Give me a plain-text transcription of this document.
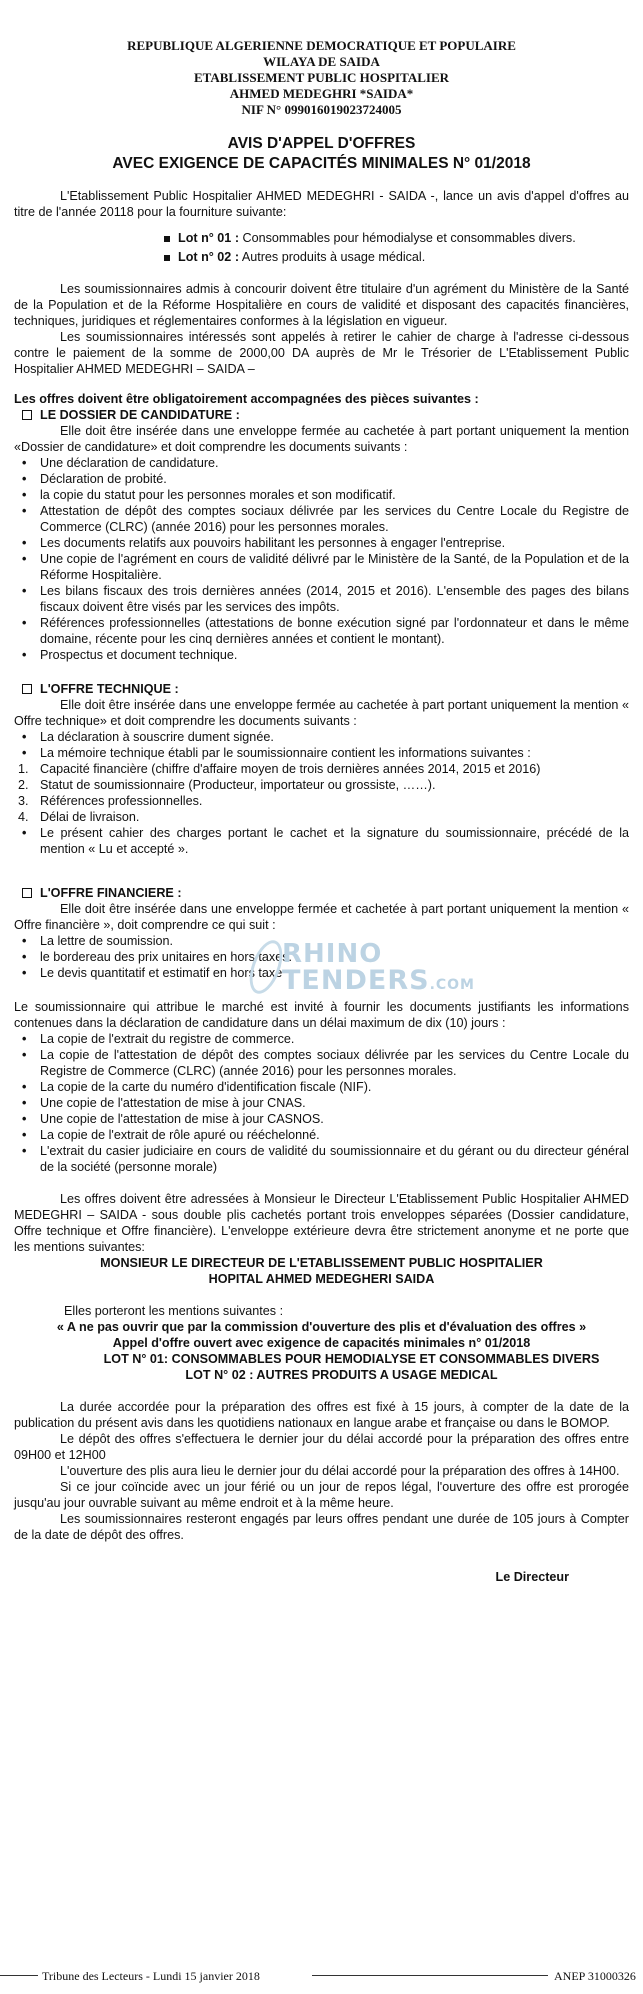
REPUBLIQUE ALGERIENNE DEMOCRATIQUE ET POPULAIRE
WILAYA DE SAIDA
ETABLISSEMENT PUBLIC HOSPITALIER
AHMED MEDEGHRI *SAIDA*
NIF N° 099016019023724005
AVIS D'APPEL D'OFFRES
AVEC EXIGENCE DE CAPACITÉS MINIMALES N° 01/2018

L'Etablissement Public Hospitalier AHMED MEDEGHRI - SAIDA -, lance un avis d'appel d'offres au titre de l'année 20118 pour la fourniture suivante:

Lot n° 01 : Consommables pour hémodialyse et consommables divers.
Lot n° 02 : Autres produits à usage médical.

Les soumissionnaires admis à concourir doivent être titulaire d'un agrément du Ministère de la Santé de la Population et de la Réforme Hospitalière en cours de validité et disposant des capacités financières, techniques, juridiques et réglementaires conformes à la législation en vigueur.

Les soumissionnaires intéressés sont appelés à retirer le cahier de charge à l'adresse ci-dessous contre le paiement de la somme de 2000,00 DA auprès de Mr le Trésorier de L'Etablissement Public Hospitalier AHMED MEDEGHRI – SAIDA –

Les offres doivent être obligatoirement accompagnées des pièces suivantes :

LE DOSSIER DE CANDIDATURE :

Elle doit être insérée dans une enveloppe fermée au cachetée à part portant uniquement la mention «Dossier de candidature» et doit comprendre les documents suivants :

• Une déclaration de candidature.
• Déclaration de probité.
• la copie du statut pour les personnes morales et son modificatif.
• Attestation de dépôt des comptes sociaux délivrée par les services du Centre Locale du Registre de Commerce (CLRC) (année 2016) pour les personnes morales.
• Les documents relatifs aux pouvoirs habilitant les personnes à engager l'entreprise.
• Une copie de l'agrément en cours de validité délivré par le Ministère de la Santé, de la Population et de la Réforme Hospitalière.
• Les bilans fiscaux des trois dernières années (2014, 2015 et 2016). L'ensemble des pages des bilans fiscaux doivent être visés par les services des impôts.
• Références professionnelles (attestations de bonne exécution signé par l'ordonnateur et dans le même domaine, récente pour les cinq dernières années et contient le montant).
• Prospectus et document technique.
L'OFFRE TECHNIQUE :

Elle doit être insérée dans une enveloppe fermée au cachetée à part portant uniquement la mention « Offre technique» et doit comprendre les documents suivants :

• La déclaration à souscrire dument signée.
• La mémoire technique établi par le soumissionnaire contient les informations suivantes :
1. Capacité financière (chiffre d'affaire moyen de trois dernières années 2014, 2015 et 2016)
2. Statut de soumissionnaire (Producteur, importateur ou grossiste, ……).
3. Références professionnelles.
4. Délai de livraison.
• Le présent cahier des charges portant le cachet et la signature du soumissionnaire, précédé de la mention « Lu et accepté ».
L'OFFRE FINANCIERE :

Elle doit être insérée dans une enveloppe fermée et cachetée à part portant uniquement la mention « Offre financière », doit comprendre ce qui suit :

• La lettre de soumission.
• le bordereau des prix unitaires en hors taxes.
• Le devis quantitatif et estimatif en hors taxe

Le soumissionnaire qui attribue le marché est invité à fournir les documents justifiants les informations contenues dans la déclaration de candidature dans un délai maximum de dix (10) jours :

• La copie de l'extrait du registre de commerce.
• La copie de l'attestation de dépôt des comptes sociaux délivrée par les services du Centre Locale du Registre de Commerce (CLRC) (année 2016) pour les personnes morales.
• La copie de la carte du numéro d'identification fiscale (NIF).
• Une copie de l'attestation de mise à jour CNAS.
• Une copie de l'attestation de mise à jour CASNOS.
• La copie de l'extrait de rôle apuré ou rééchelonné.
• L'extrait du casier judiciaire en cours de validité du soumissionnaire et du gérant ou du directeur général de la société (personne morale)

Les offres doivent être adressées à Monsieur le Directeur L'Etablissement Public Hospitalier AHMED MEDEGHRI – SAIDA - sous double plis cachetés portant trois enveloppes séparées (Dossier candidature, Offre technique et Offre financière). L'enveloppe extérieure devra être strictement anonyme et ne porte que les mentions suivantes:

MONSIEUR LE DIRECTEUR DE L'ETABLISSEMENT PUBLIC HOSPITALIER
HOPITAL AHMED MEDEGHERI SAIDA

Elles porteront les mentions suivantes :

« A ne pas ouvrir que par la commission d'ouverture des plis et d'évaluation des offres »
Appel d'offre ouvert avec exigence de capacités minimales n° 01/2018
LOT N° 01: CONSOMMABLES POUR HEMODIALYSE ET CONSOMMABLES DIVERS
LOT N° 02 : AUTRES PRODUITS A USAGE MEDICAL

La durée accordée pour la préparation des offres est fixé à 15 jours, à compter de la date de la publication du présent avis dans les quotidiens nationaux en langue arabe et française ou dans le BOMOP.

Le dépôt des offres s'effectuera le dernier jour du délai accordé pour la préparation des offres entre 09H00 et 12H00

L'ouverture des plis aura lieu le dernier jour du délai accordé pour la préparation des offres à 14H00.

Si ce jour coïncide avec un jour férié ou un jour de repos légal, l'ouverture des offre est prorogée jusqu'au jour ouvrable suivant au même endroit et à la même heure.

Les soumissionnaires resteront engagés par leurs offres pendant une durée de 105 jours à Compter de la date de dépôt des offres.

Le Directeur
RHINO
TENDERS.COM
Tribune des Lecteurs - Lundi 15 janvier 2018	ANEP 31000326
